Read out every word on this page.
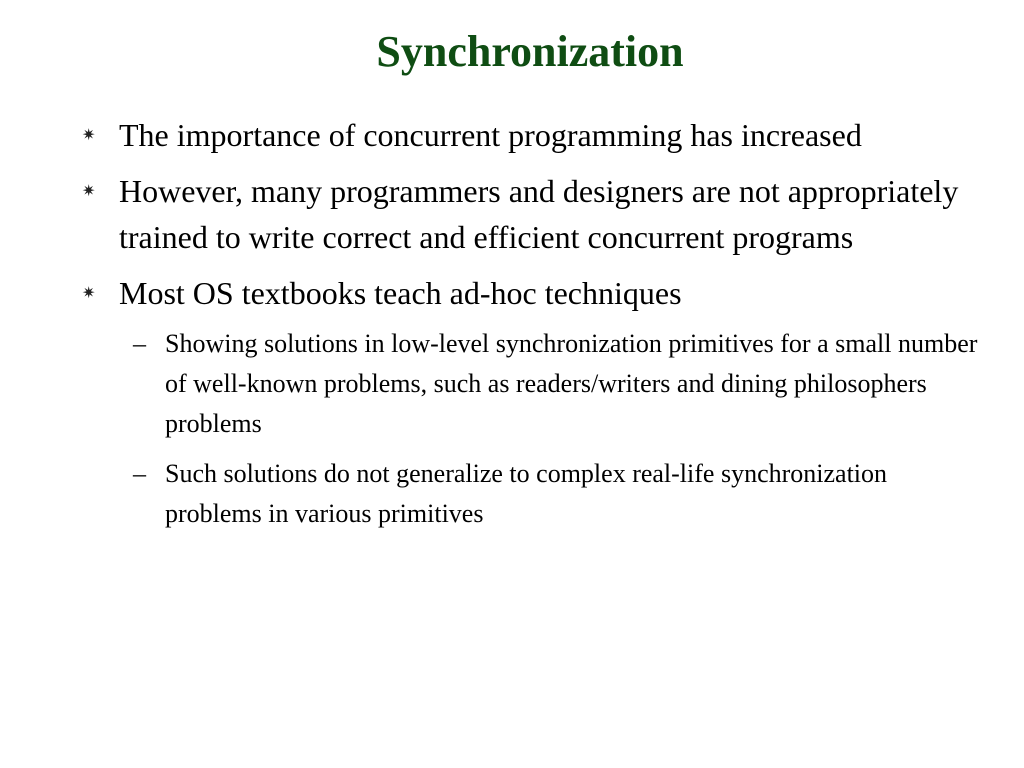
Synchronization
✷ The importance of concurrent programming has increased
✷ However, many programmers and designers are not appropriately trained to write correct and efficient concurrent programs
✷ Most OS textbooks teach ad-hoc techniques
– Showing solutions in low-level synchronization primitives for a small number of well-known problems, such as readers/writers and dining philosophers problems
– Such solutions do not generalize to complex real-life synchronization problems in various primitives
